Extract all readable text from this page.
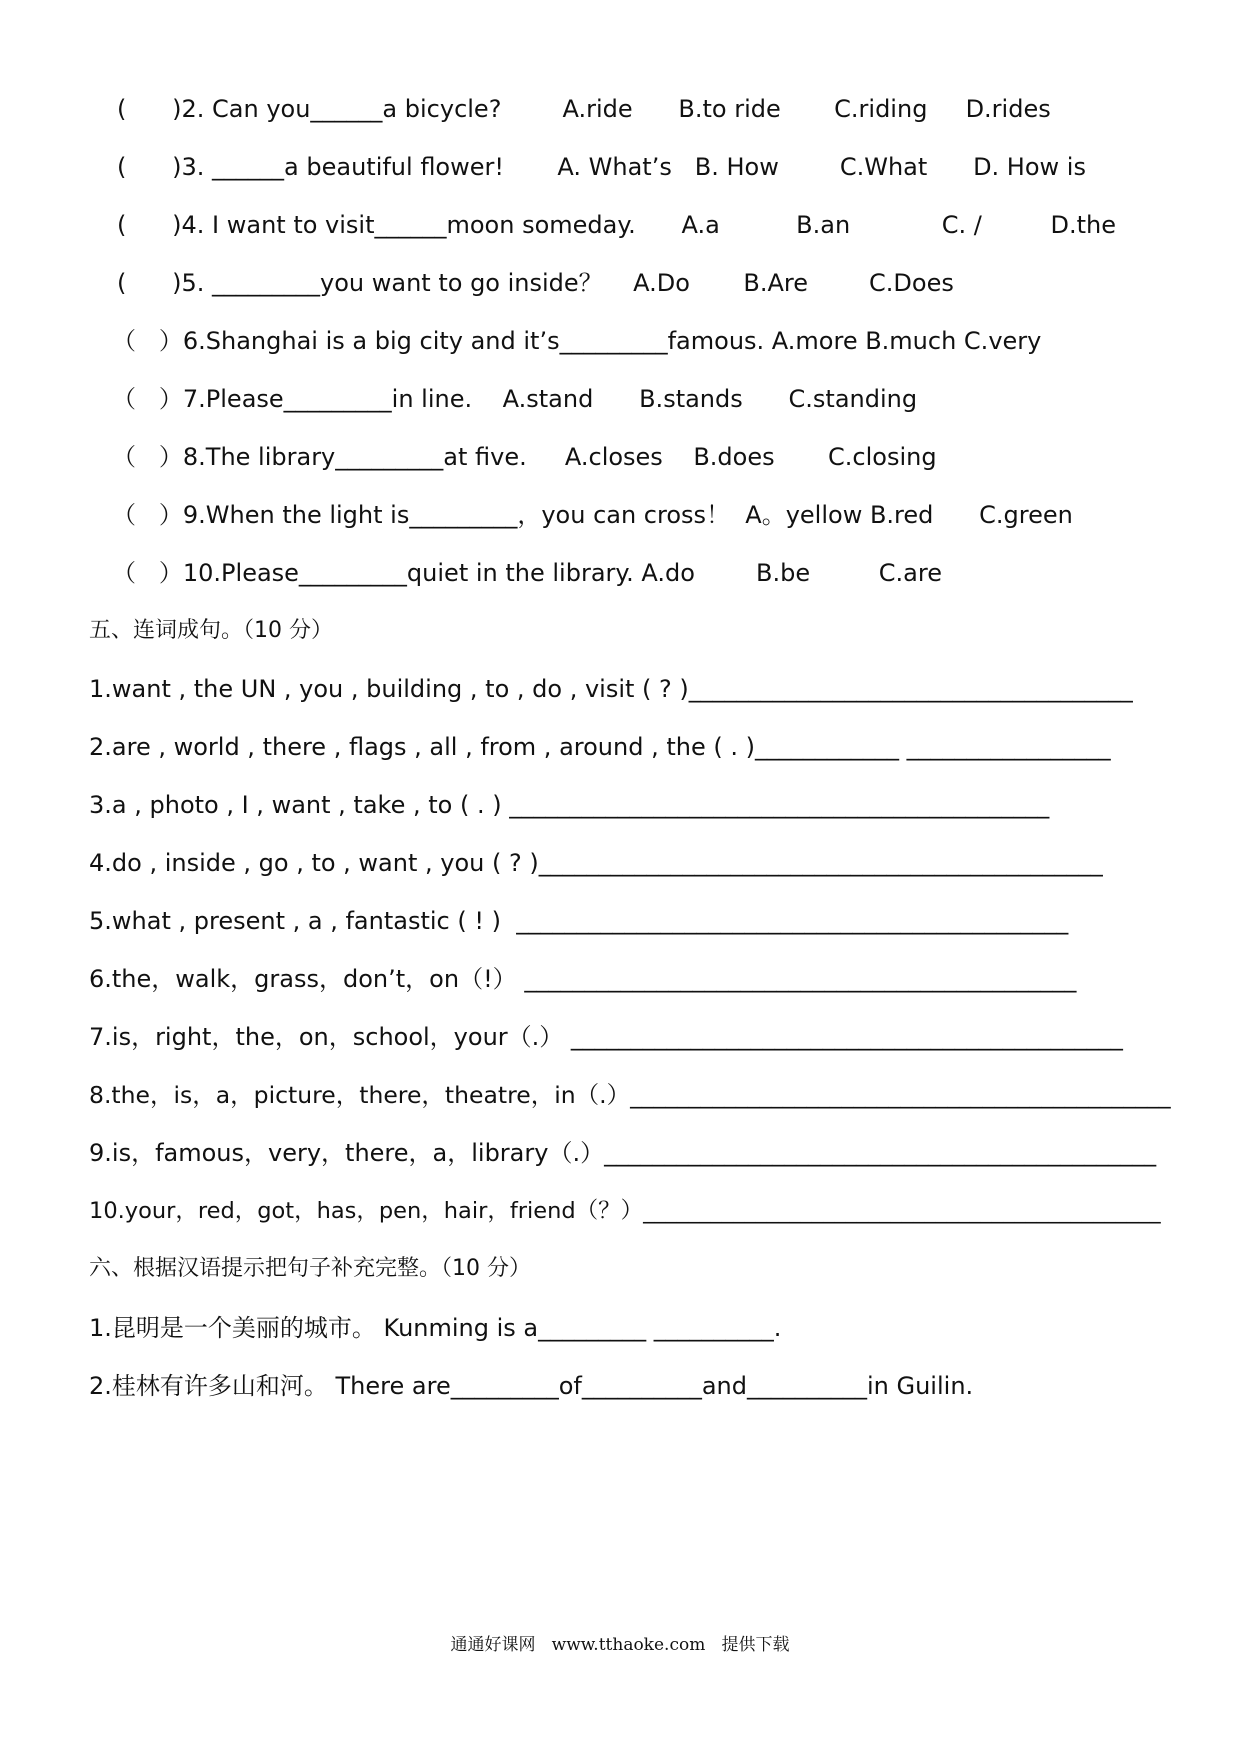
(      )2. Can you______a bicycle?        A.ride      B.to ride       C.riding     D.rides
(      )3. ______a beautiful flower!       A. What’s   B. How        C.What      D. How is
(      )4. I want to visit______moon someday.      A.a          B.an            C. /         D.the
(      )5. _________you want to go inside？    A.Do       B.Are        C.Does
（   ）6.Shanghai is a big city and it’s_________famous. A.more B.much C.very
（   ）7.Please_________in line.    A.stand      B.stands      C.standing
（   ）8.The library_________at five.     A.closes    B.does       C.closing
（   ）9.When the light is_________，you can cross！  A。yellow B.red      C.green
（   ）10.Please_________quiet in the library. A.do        B.be         C.are
五、连词成句。（10 分）
1.want , the UN , you , building , to , do , visit ( ? )_____________________________________
2.are , world , there , flags , all , from , around , the ( . )____________ _________________
3.a , photo , I , want , take , to ( . ) _____________________________________________
4.do , inside , go , to , want , you ( ? )_______________________________________________
5.what , present , a , fantastic ( ! )  ______________________________________________
6.the，walk，grass，don’t，on（!） ______________________________________________
7.is，right，the，on，school，your（.） ______________________________________________
8.the，is，a，picture，there，theatre，in（.）______________________________________________
9.is，famous，very，there，a，library（.）______________________________________________
10.your，red，got，has，pen，hair，friend（？）______________________________________________
六、根据汉语提示把句子补充完整。（10 分）
1.昆明是一个美丽的城市。 Kunming is a_________ __________.
2.桂林有许多山和河。 There are_________of__________and__________in Guilin.
通通好课网   www.tthaoke.com   提供下载
